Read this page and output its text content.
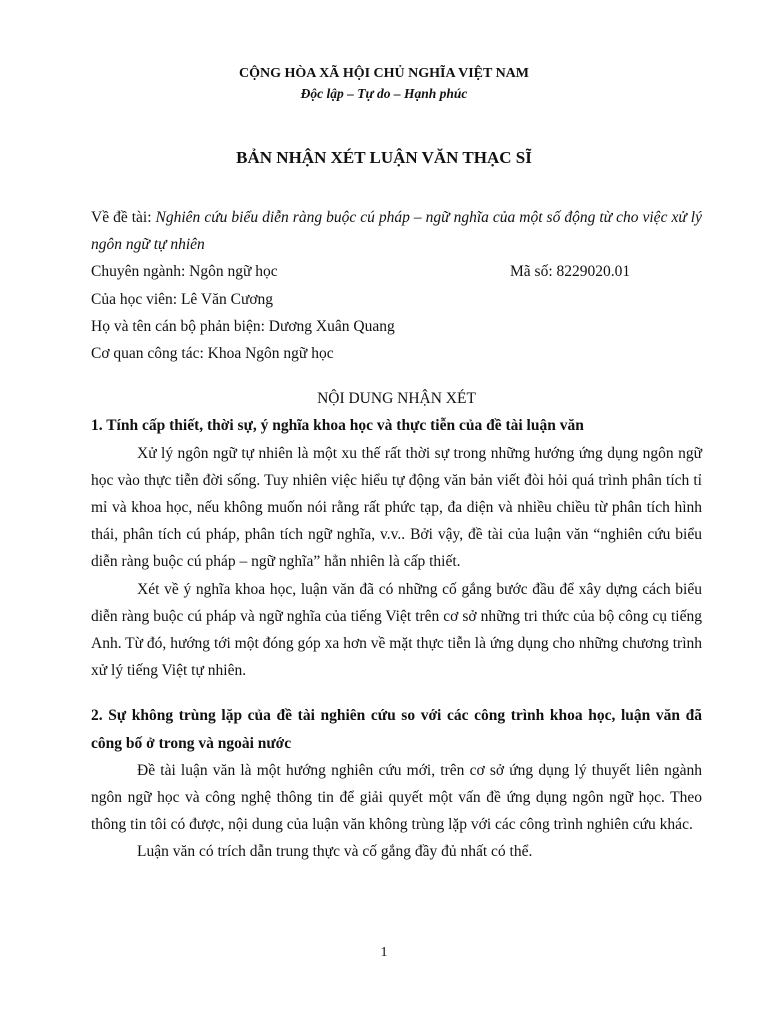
CỘNG HÒA XÃ HỘI CHỦ NGHĨA VIỆT NAM
Độc lập – Tự do – Hạnh phúc
BẢN NHẬN XÉT LUẬN VĂN THẠC SĨ

Về đề tài: Nghiên cứu biểu diễn ràng buộc cú pháp – ngữ nghĩa của một số động từ cho việc xử lý ngôn ngữ tự nhiên

Chuyên ngành: Ngôn ngữ học	Mã số: 8229020.01

Của học viên: Lê Văn Cương

Họ và tên cán bộ phản biện: Dương Xuân Quang

Cơ quan công tác: Khoa Ngôn ngữ học

NỘI DUNG NHẬN XÉT

1. Tính cấp thiết, thời sự, ý nghĩa khoa học và thực tiễn của đề tài luận văn

Xử lý ngôn ngữ tự nhiên là một xu thế rất thời sự trong những hướng ứng dụng ngôn ngữ học vào thực tiễn đời sống. Tuy nhiên việc hiểu tự động văn bản viết đòi hỏi quá trình phân tích tỉ mỉ và khoa học, nếu không muốn nói rằng rất phức tạp, đa diện và nhiều chiều từ phân tích hình thái, phân tích cú pháp, phân tích ngữ nghĩa, v.v.. Bởi vậy, đề tài của luận văn “nghiên cứu biểu diễn ràng buộc cú pháp – ngữ nghĩa” hẳn nhiên là cấp thiết.

Xét về ý nghĩa khoa học, luận văn đã có những cố gắng bước đầu để xây dựng cách biểu diễn ràng buộc cú pháp và ngữ nghĩa của tiếng Việt trên cơ sở những tri thức của bộ công cụ tiếng Anh. Từ đó, hướng tới một đóng góp xa hơn về mặt thực tiễn là ứng dụng cho những chương trình xử lý tiếng Việt tự nhiên.

2. Sự không trùng lặp của đề tài nghiên cứu so với các công trình khoa học, luận văn đã công bố ở trong và ngoài nước

Đề tài luận văn là một hướng nghiên cứu mới, trên cơ sở ứng dụng lý thuyết liên ngành ngôn ngữ học và công nghệ thông tin để giải quyết một vấn đề ứng dụng ngôn ngữ học. Theo thông tin tôi có được, nội dung của luận văn không trùng lặp với các công trình nghiên cứu khác.

Luận văn có trích dẫn trung thực và cố gắng đầy đủ nhất có thể.

1
